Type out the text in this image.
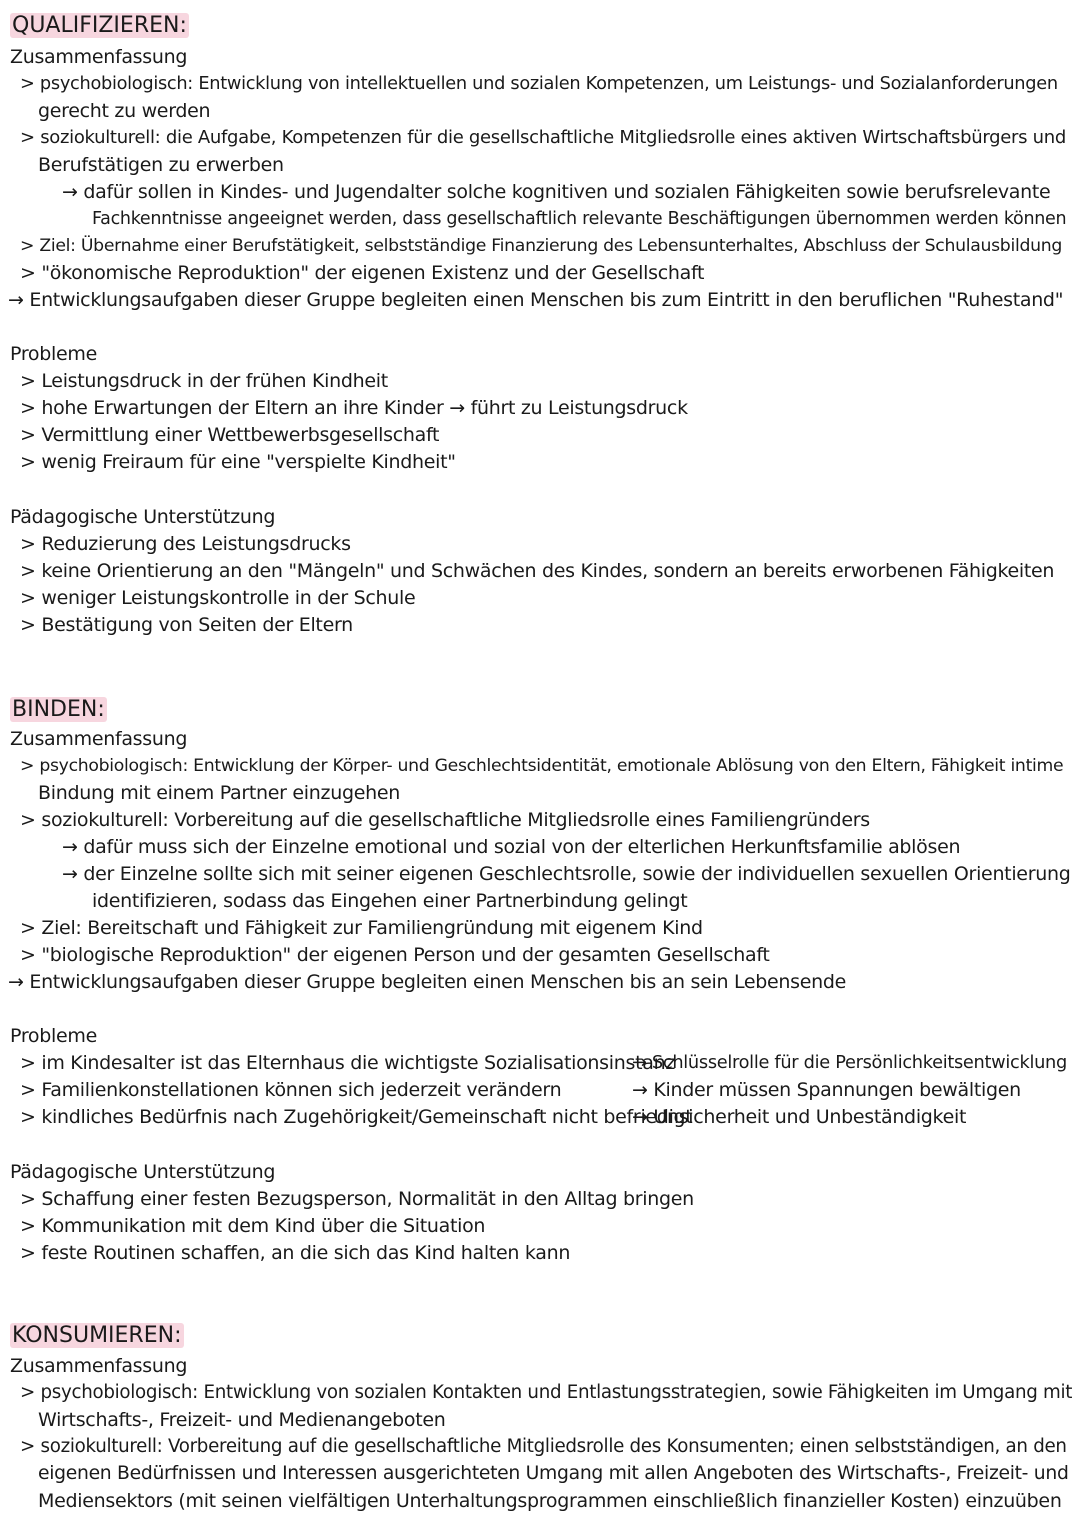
QUALIFIZIEREN:
Zusammenfassung
> psychobiologisch: Entwicklung von intellektuellen und sozialen Kompetenzen, um Leistungs- und Sozialanforderungen
gerecht zu werden
> soziokulturell: die Aufgabe, Kompetenzen für die gesellschaftliche Mitgliedsrolle eines aktiven Wirtschaftsbürgers und
Berufstätigen zu erwerben
→ dafür sollen in Kindes- und Jugendalter solche kognitiven und sozialen Fähigkeiten sowie berufsrelevante
Fachkenntnisse angeeignet werden, dass gesellschaftlich relevante Beschäftigungen übernommen werden können
> Ziel: Übernahme einer Berufstätigkeit, selbstständige Finanzierung des Lebensunterhaltes, Abschluss der Schulausbildung
> "ökonomische Reproduktion" der eigenen Existenz und der Gesellschaft
→ Entwicklungsaufgaben dieser Gruppe begleiten einen Menschen bis zum Eintritt in den beruflichen "Ruhestand"
Probleme
> Leistungsdruck in der frühen Kindheit
> hohe Erwartungen der Eltern an ihre Kinder → führt zu Leistungsdruck
> Vermittlung einer Wettbewerbsgesellschaft
> wenig Freiraum für eine "verspielte Kindheit"
Pädagogische Unterstützung
> Reduzierung des Leistungsdrucks
> keine Orientierung an den "Mängeln" und Schwächen des Kindes, sondern an bereits erworbenen Fähigkeiten
> weniger Leistungskontrolle in der Schule
> Bestätigung von Seiten der Eltern
BINDEN:
Zusammenfassung
> psychobiologisch: Entwicklung der Körper- und Geschlechtsidentität, emotionale Ablösung von den Eltern, Fähigkeit intime
Bindung mit einem Partner einzugehen
> soziokulturell: Vorbereitung auf die gesellschaftliche Mitgliedsrolle eines Familiengründers
→ dafür muss sich der Einzelne emotional und sozial von der elterlichen Herkunftsfamilie ablösen
→ der Einzelne sollte sich mit seiner eigenen Geschlechtsrolle, sowie der individuellen sexuellen Orientierung
identifizieren, sodass das Eingehen einer Partnerbindung gelingt
> Ziel: Bereitschaft und Fähigkeit zur Familiengründung mit eigenem Kind
> "biologische Reproduktion" der eigenen Person und der gesamten Gesellschaft
→ Entwicklungsaufgaben dieser Gruppe begleiten einen Menschen bis an sein Lebensende
Probleme
> im Kindesalter ist das Elternhaus die wichtigste Sozialisationsinstanz
→ Schlüsselrolle für die Persönlichkeitsentwicklung
> Familienkonstellationen können sich jederzeit verändern	→ Kinder müssen Spannungen bewältigen
> kindliches Bedürfnis nach Zugehörigkeit/Gemeinschaft nicht befriedigt
→ Unsicherheit und Unbeständigkeit
Pädagogische Unterstützung
> Schaffung einer festen Bezugsperson, Normalität in den Alltag bringen
> Kommunikation mit dem Kind über die Situation
> feste Routinen schaffen, an die sich das Kind halten kann
KONSUMIEREN:
Zusammenfassung
> psychobiologisch: Entwicklung von sozialen Kontakten und Entlastungsstrategien, sowie Fähigkeiten im Umgang mit
Wirtschafts-, Freizeit- und Medienangeboten
> soziokulturell: Vorbereitung auf die gesellschaftliche Mitgliedsrolle des Konsumenten; einen selbstständigen, an den
eigenen Bedürfnissen und Interessen ausgerichteten Umgang mit allen Angeboten des Wirtschafts-, Freizeit- und
Mediensektors (mit seinen vielfältigen Unterhaltungsprogrammen einschließlich finanzieller Kosten) einzuüben
